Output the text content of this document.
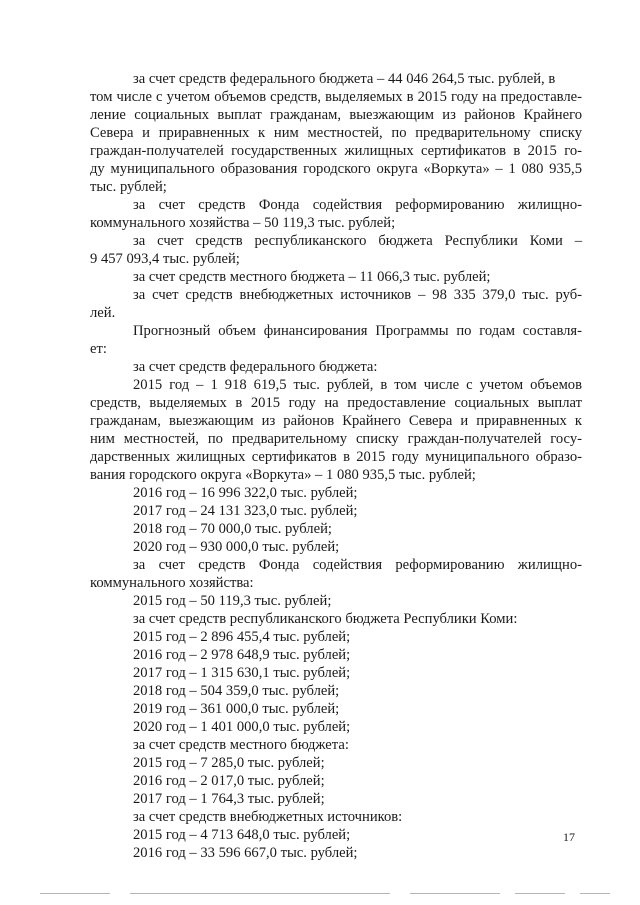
за счет средств федерального бюджета – 44 046 264,5 тыс. рублей, в
том числе с учетом объемов средств, выделяемых в 2015 году на предоставле-
ление социальных выплат гражданам, выезжающим из районов Крайнего
Севера и приравненных к ним местностей, по предварительному списку
граждан-получателей государственных жилищных сертификатов в 2015 го-
ду муниципального образования городского округа «Воркута» – 1 080 935,5
тыс. рублей;
за счет средств Фонда содействия реформированию жилищно-
коммунального хозяйства – 50 119,3 тыс. рублей;
за счет средств республиканского бюджета Республики Коми –
9 457 093,4 тыс. рублей;
за счет средств местного бюджета – 11 066,3 тыс. рублей;
за счет средств внебюджетных источников – 98 335 379,0 тыс. руб-
лей.
Прогнозный объем финансирования Программы по годам составля-
ет:
за счет средств федерального бюджета:
2015 год – 1 918 619,5 тыс. рублей, в том числе с учетом объемов
средств, выделяемых в 2015 году на предоставление социальных выплат
гражданам, выезжающим из районов Крайнего Севера и приравненных к
ним местностей, по предварительному списку граждан-получателей госу-
дарственных жилищных сертификатов в 2015 году муниципального образо-
вания городского округа «Воркута» – 1 080 935,5 тыс. рублей;
2016 год – 16 996 322,0 тыс. рублей;
2017 год – 24 131 323,0 тыс. рублей;
2018 год – 70 000,0 тыс. рублей;
2020 год – 930 000,0 тыс. рублей;
за счет средств Фонда содействия реформированию жилищно-
коммунального хозяйства:
2015 год – 50 119,3 тыс. рублей;
за счет средств республиканского бюджета Республики Коми:
2015 год – 2 896 455,4 тыс. рублей;
2016 год – 2 978 648,9 тыс. рублей;
2017 год – 1 315 630,1 тыс. рублей;
2018 год – 504 359,0 тыс. рублей;
2019 год – 361 000,0 тыс. рублей;
2020 год – 1 401 000,0 тыс. рублей;
за счет средств местного бюджета:
2015 год – 7 285,0 тыс. рублей;
2016 год – 2 017,0 тыс. рублей;
2017 год – 1 764,3 тыс. рублей;
за счет средств внебюджетных источников:
2015 год – 4 713 648,0 тыс. рублей;
2016 год – 33 596 667,0 тыс. рублей;
17
